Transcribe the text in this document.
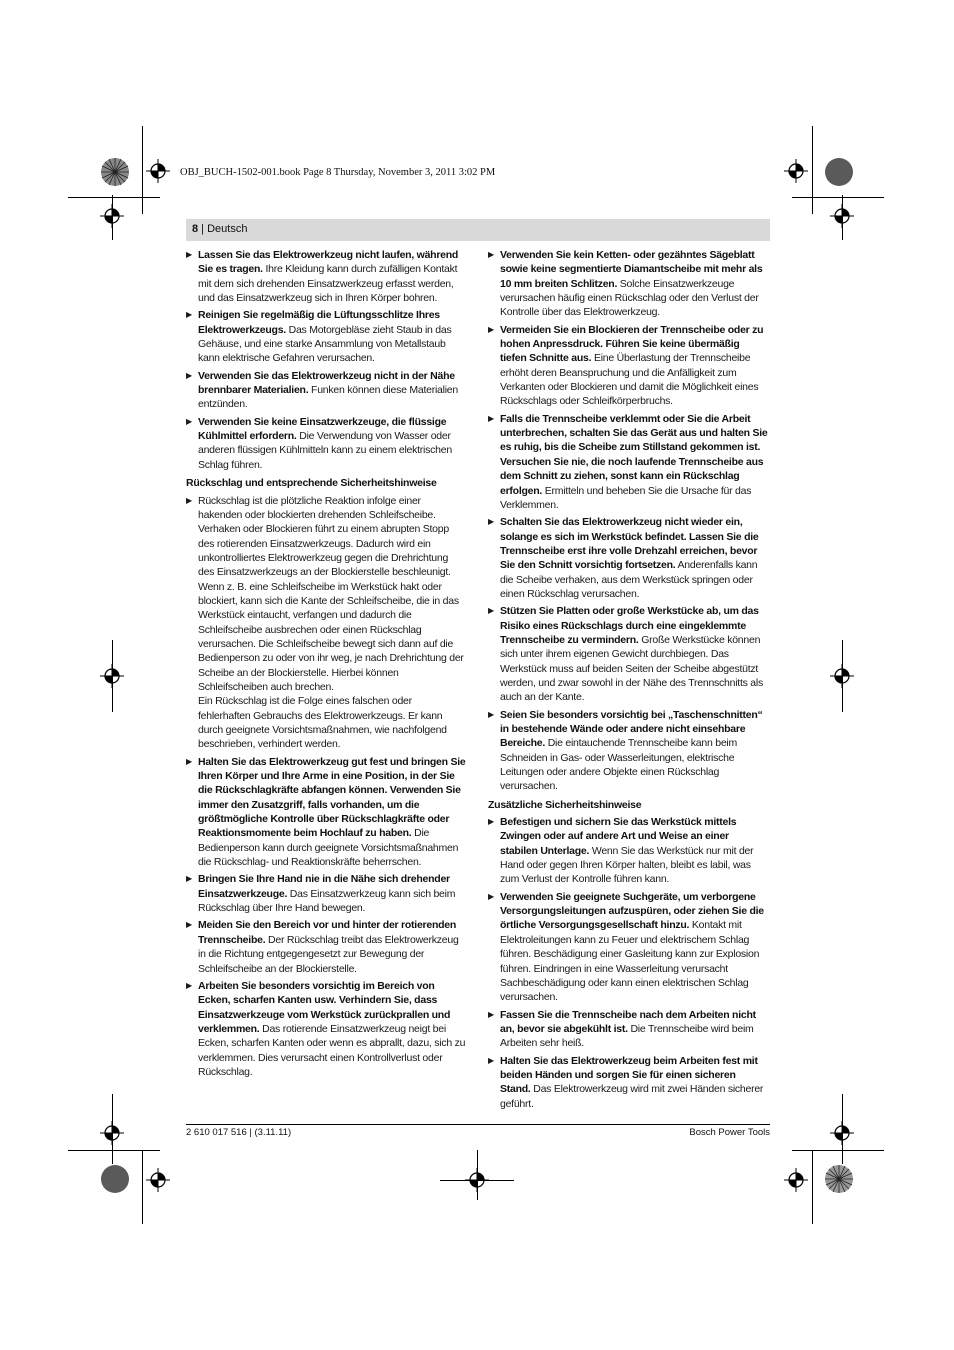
OBJ_BUCH-1502-001.book Page 8 Thursday, November 3, 2011 3:02 PM
8 | Deutsch
▶ Lassen Sie das Elektrowerkzeug nicht laufen, während Sie es tragen. Ihre Kleidung kann durch zufälligen Kontakt mit dem sich drehenden Einsatzwerkzeug erfasst werden, und das Einsatzwerkzeug sich in Ihren Körper bohren.
▶ Reinigen Sie regelmäßig die Lüftungsschlitze Ihres Elektrowerkzeugs. Das Motorgebläse zieht Staub in das Gehäuse, und eine starke Ansammlung von Metallstaub kann elektrische Gefahren verursachen.
▶ Verwenden Sie das Elektrowerkzeug nicht in der Nähe brennbarer Materialien. Funken können diese Materialien entzünden.
▶ Verwenden Sie keine Einsatzwerkzeuge, die flüssige Kühlmittel erfordern. Die Verwendung von Wasser oder anderen flüssigen Kühlmitteln kann zu einem elektrischen Schlag führen.
Rückschlag und entsprechende Sicherheitshinweise
▶ Rückschlag ist die plötzliche Reaktion infolge einer hakenden oder blockierten drehenden Schleifscheibe. Verhaken oder Blockieren führt zu einem abrupten Stopp des rotierenden Einsatzwerkzeugs. Dadurch wird ein unkontrolliertes Elektrowerkzeug gegen die Drehrichtung des Einsatzwerkzeugs an der Blockierstelle beschleunigt.
Wenn z. B. eine Schleifscheibe im Werkstück hakt oder blockiert, kann sich die Kante der Schleifscheibe, die in das Werkstück eintaucht, verfangen und dadurch die Schleifscheibe ausbrechen oder einen Rückschlag verursachen. Die Schleifscheibe bewegt sich dann auf die Bedienperson zu oder von ihr weg, je nach Drehrichtung der Scheibe an der Blockierstelle. Hierbei können Schleifscheiben auch brechen.
Ein Rückschlag ist die Folge eines falschen oder fehlerhaften Gebrauchs des Elektrowerkzeugs. Er kann durch geeignete Vorsichtsmaßnahmen, wie nachfolgend beschrieben, verhindert werden.
▶ Halten Sie das Elektrowerkzeug gut fest und bringen Sie Ihren Körper und Ihre Arme in eine Position, in der Sie die Rückschlagkräfte abfangen können. Verwenden Sie immer den Zusatzgriff, falls vorhanden, um die größtmögliche Kontrolle über Rückschlagkräfte oder Reaktionsmomente beim Hochlauf zu haben. Die Bedienperson kann durch geeignete Vorsichtsmaßnahmen die Rückschlag- und Reaktionskräfte beherrschen.
▶ Bringen Sie Ihre Hand nie in die Nähe sich drehender Einsatzwerkzeuge. Das Einsatzwerkzeug kann sich beim Rückschlag über Ihre Hand bewegen.
▶ Meiden Sie den Bereich vor und hinter der rotierenden Trennscheibe. Der Rückschlag treibt das Elektrowerkzeug in die Richtung entgegengesetzt zur Bewegung der Schleifscheibe an der Blockierstelle.
▶ Arbeiten Sie besonders vorsichtig im Bereich von Ecken, scharfen Kanten usw. Verhindern Sie, dass Einsatzwerkzeuge vom Werkstück zurückprallen und verklemmen. Das rotierende Einsatzwerkzeug neigt bei Ecken, scharfen Kanten oder wenn es abprallt, dazu, sich zu verklemmen. Dies verursacht einen Kontrollverlust oder Rückschlag.
▶ Verwenden Sie kein Ketten- oder gezähntes Sägeblatt sowie keine segmentierte Diamantscheibe mit mehr als 10 mm breiten Schlitzen. Solche Einsatzwerkzeuge verursachen häufig einen Rückschlag oder den Verlust der Kontrolle über das Elektrowerkzeug.
▶ Vermeiden Sie ein Blockieren der Trennscheibe oder zu hohen Anpressdruck. Führen Sie keine übermäßig tiefen Schnitte aus. Eine Überlastung der Trennscheibe erhöht deren Beanspruchung und die Anfälligkeit zum Verkanten oder Blockieren und damit die Möglichkeit eines Rückschlags oder Schleifkörperbruchs.
▶ Falls die Trennscheibe verklemmt oder Sie die Arbeit unterbrechen, schalten Sie das Gerät aus und halten Sie es ruhig, bis die Scheibe zum Stillstand gekommen ist. Versuchen Sie nie, die noch laufende Trennscheibe aus dem Schnitt zu ziehen, sonst kann ein Rückschlag erfolgen. Ermitteln und beheben Sie die Ursache für das Verklemmen.
▶ Schalten Sie das Elektrowerkzeug nicht wieder ein, solange es sich im Werkstück befindet. Lassen Sie die Trennscheibe erst ihre volle Drehzahl erreichen, bevor Sie den Schnitt vorsichtig fortsetzen. Anderenfalls kann die Scheibe verhaken, aus dem Werkstück springen oder einen Rückschlag verursachen.
▶ Stützen Sie Platten oder große Werkstücke ab, um das Risiko eines Rückschlags durch eine eingeklemmte Trennscheibe zu vermindern. Große Werkstücke können sich unter ihrem eigenen Gewicht durchbiegen. Das Werkstück muss auf beiden Seiten der Scheibe abgestützt werden, und zwar sowohl in der Nähe des Trennschnitts als auch an der Kante.
▶ Seien Sie besonders vorsichtig bei „Taschenschnitten“ in bestehende Wände oder andere nicht einsehbare Bereiche. Die eintauchende Trennscheibe kann beim Schneiden in Gas- oder Wasserleitungen, elektrische Leitungen oder andere Objekte einen Rückschlag verursachen.
Zusätzliche Sicherheitshinweise
▶ Befestigen und sichern Sie das Werkstück mittels Zwingen oder auf andere Art und Weise an einer stabilen Unterlage. Wenn Sie das Werkstück nur mit der Hand oder gegen Ihren Körper halten, bleibt es labil, was zum Verlust der Kontrolle führen kann.
▶ Verwenden Sie geeignete Suchgeräte, um verborgene Versorgungsleitungen aufzuspüren, oder ziehen Sie die örtliche Versorgungsgesellschaft hinzu. Kontakt mit Elektroleitungen kann zu Feuer und elektrischem Schlag führen. Beschädigung einer Gasleitung kann zur Explosion führen. Eindringen in eine Wasserleitung verursacht Sachbeschädigung oder kann einen elektrischen Schlag verursachen.
▶ Fassen Sie die Trennscheibe nach dem Arbeiten nicht an, bevor sie abgekühlt ist. Die Trennscheibe wird beim Arbeiten sehr heiß.
▶ Halten Sie das Elektrowerkzeug beim Arbeiten fest mit beiden Händen und sorgen Sie für einen sicheren Stand. Das Elektrowerkzeug wird mit zwei Händen sicherer geführt.
2 610 017 516 | (3.11.11)	Bosch Power Tools
